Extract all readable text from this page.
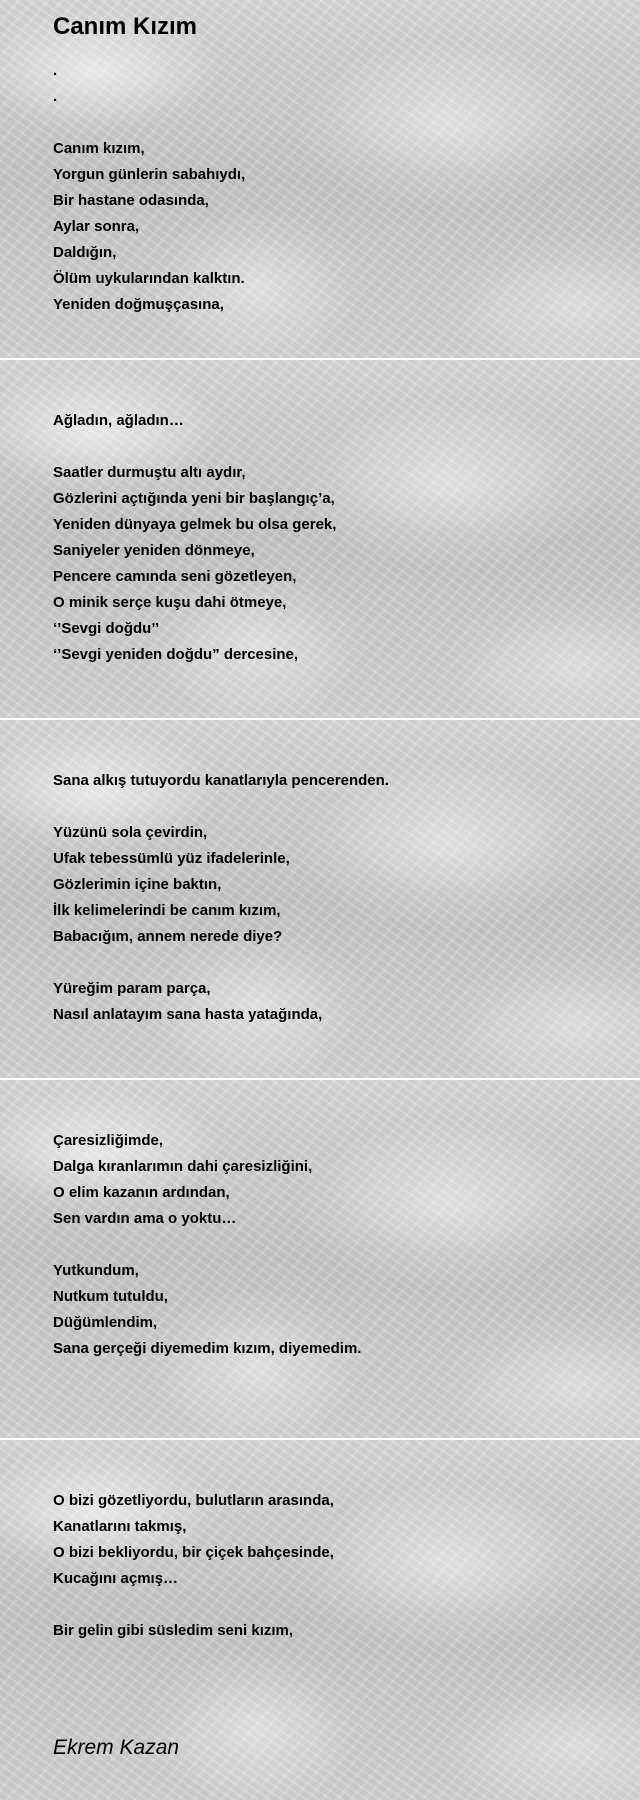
Canım Kızım
.
.
Canım kızım,
Yorgun günlerin sabahıydı,
Bir hastane odasında,
Aylar sonra,
Daldığın,
Ölüm uykularından kalktın.
Yeniden doğmuşçasına,
Ağladın, ağladın…
Saatler durmuştu altı aydır,
Gözlerini açtığında yeni bir başlangıç’a,
Yeniden dünyaya gelmek bu olsa gerek,
Saniyeler yeniden dönmeye,
Pencere camında seni gözetleyen,
O minik serçe kuşu dahi ötmeye,
‘’Sevgi doğdu’’
‘’Sevgi yeniden doğdu” dercesine,
Sana alkış tutuyordu kanatlarıyla pencerenden.
Yüzünü sola çevirdin,
Ufak tebessümlü yüz ifadelerinle,
Gözlerimin içine baktın,
İlk kelimelerindi be canım kızım,
Babacığım, annem nerede diye?
Yüreğim param parça,
Nasıl anlatayım sana hasta yatağında,
Çaresizliğimde,
Dalga kıranlarımın dahi çaresizliğini,
O elim kazanın ardından,
Sen vardın ama o yoktu…
Yutkundum,
Nutkum tutuldu,
Düğümlendim,
Sana gerçeği diyemedim kızım, diyemedim.
O bizi gözetliyordu, bulutların arasında,
Kanatlarını takmış,
O bizi bekliyordu, bir çiçek bahçesinde,
Kucağını açmış…
Bir gelin gibi süsledim seni kızım,

Ekrem Kazan
